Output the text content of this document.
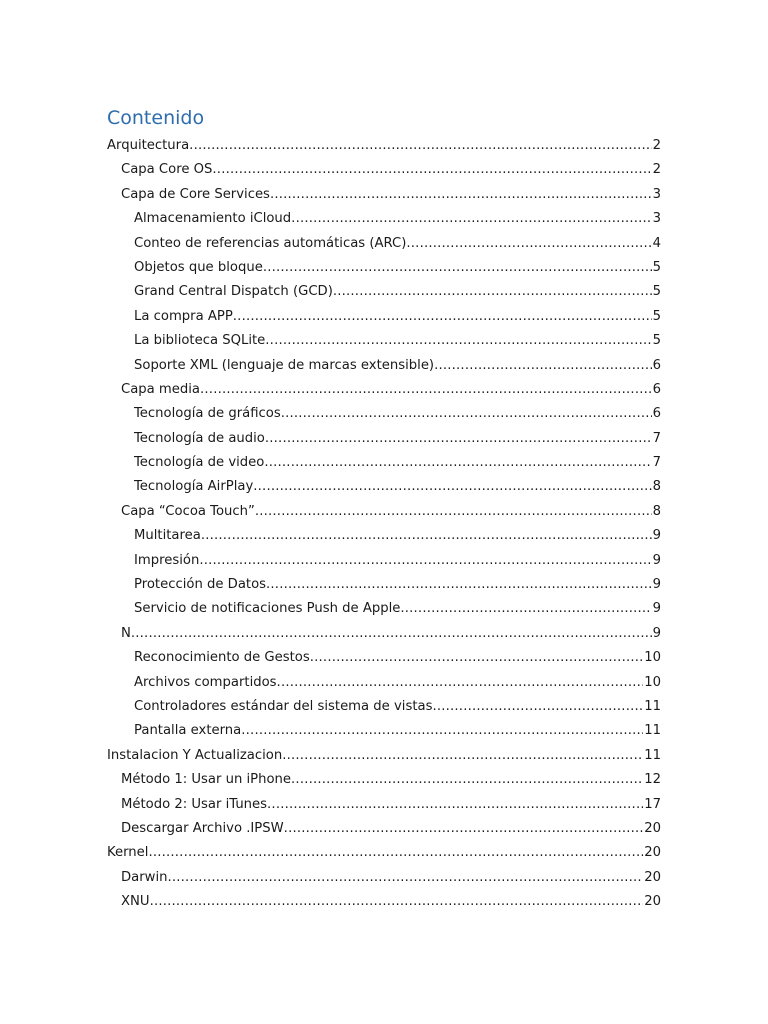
Contenido
Arquitectura .....	2
Capa Core OS .....	2
Capa de Core Services .....	3
Almacenamiento iCloud .....	3
Conteo de referencias automáticas (ARC) .....	4
Objetos que bloque .....	5
Grand Central Dispatch (GCD) .....	5
La compra APP .....	5
La biblioteca SQLite .....	5
Soporte XML (lenguaje de marcas extensible) .....	6
Capa media .....	6
Tecnología de gráficos .....	6
Tecnología de audio .....	7
Tecnología de video .....	7
Tecnología AirPlay .....	8
Capa “Cocoa Touch” .....	8
Multitarea .....	9
Impresión .....	9
Protección de Datos .....	9
Servicio de notificaciones Push de Apple .....	9
N .....	9
Reconocimiento de Gestos .....	10
Archivos compartidos .....	10
Controladores estándar del sistema de vistas .....	11
Pantalla externa .....	11
Instalacion Y Actualizacion .....	11
Método 1: Usar un iPhone .....	12
Método 2: Usar iTunes .....	17
Descargar Archivo .IPSW .....	20
Kernel .....	20
Darwin .....	20
XNU .....	20
